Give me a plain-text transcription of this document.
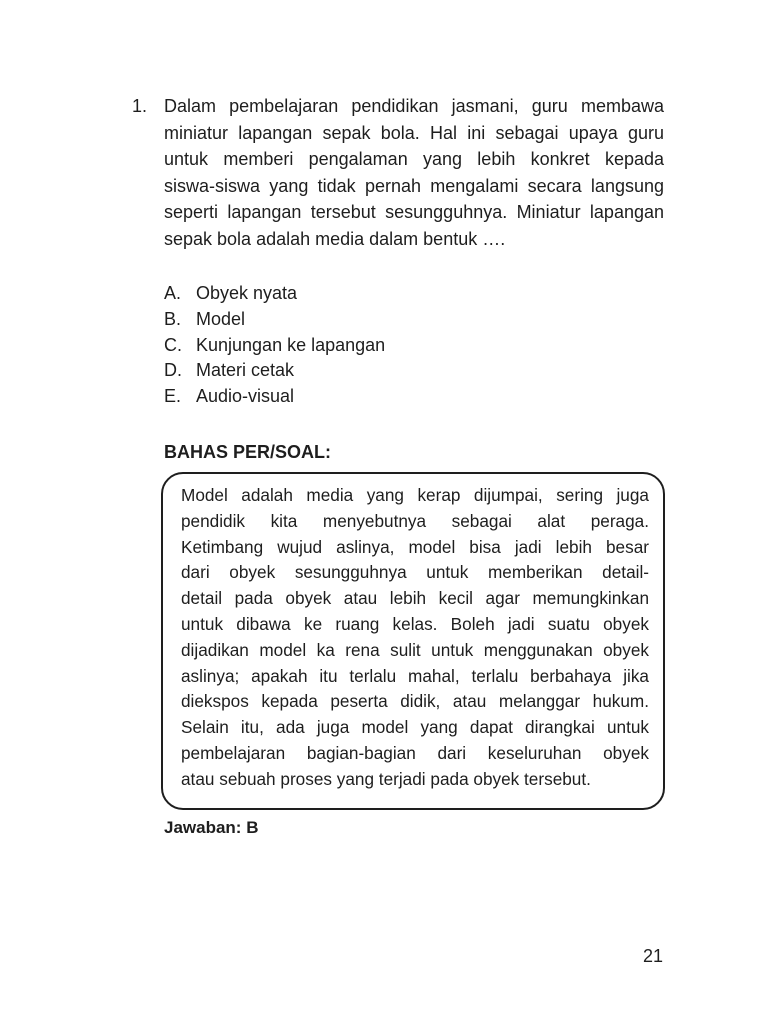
1. Dalam pembelajaran pendidikan jasmani, guru membawa
miniatur lapangan sepak bola. Hal ini sebagai upaya guru
untuk memberi pengalaman yang lebih konkret kepada
siswa-siswa yang tidak pernah mengalami secara langsung
seperti lapangan tersebut sesungguhnya. Miniatur lapangan
sepak bola adalah media dalam bentuk ….
A. Obyek nyata
B. Model
C. Kunjungan ke lapangan
D. Materi cetak
E. Audio-visual
BAHAS PER/SOAL:
Model adalah media yang kerap dijumpai, sering juga
pendidik kita menyebutnya sebagai alat peraga.
Ketimbang wujud aslinya, model bisa jadi lebih besar
dari obyek sesungguhnya untuk memberikan detail-
detail pada obyek atau lebih kecil agar memungkinkan
untuk dibawa ke ruang kelas. Boleh jadi suatu obyek
dijadikan model ka rena sulit untuk menggunakan obyek
aslinya; apakah itu terlalu mahal, terlalu berbahaya jika
diekspos kepada peserta didik, atau melanggar hukum.
Selain itu, ada juga model yang dapat dirangkai untuk
pembelajaran bagian-bagian dari keseluruhan obyek
atau sebuah proses yang terjadi pada obyek tersebut.
Jawaban: B
21
